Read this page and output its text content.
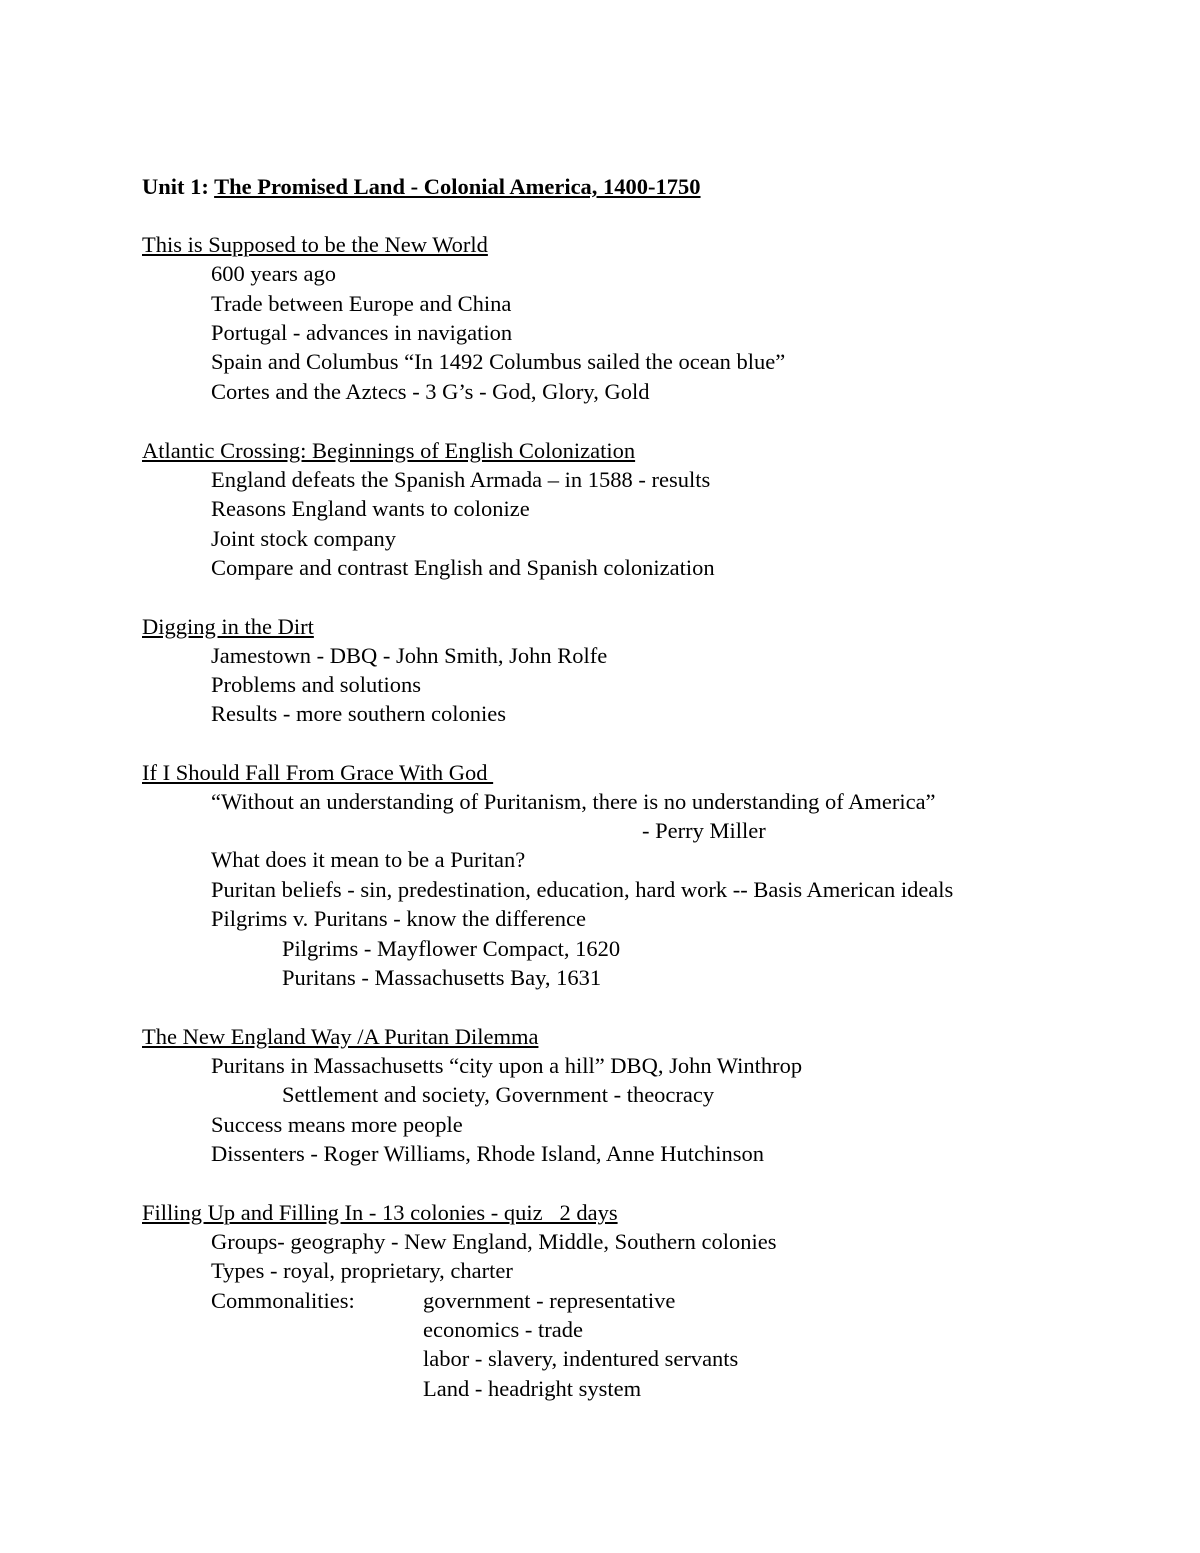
Unit 1: The Promised Land - Colonial America, 1400-1750
This is Supposed to be the New World
600 years ago
Trade between Europe and China
Portugal - advances in navigation
Spain and Columbus “In 1492 Columbus sailed the ocean blue”
Cortes and the Aztecs - 3 G’s - God, Glory, Gold
Atlantic Crossing: Beginnings of English Colonization
England defeats the Spanish Armada – in 1588 - results
Reasons England wants to colonize
Joint stock company
Compare and contrast English and Spanish colonization
Digging in the Dirt
Jamestown - DBQ - John Smith, John Rolfe
Problems and solutions
Results - more southern colonies
If I Should Fall From Grace With God
“Without an understanding of Puritanism, there is no understanding of America”
- Perry Miller
What does it mean to be a Puritan?
Puritan beliefs - sin, predestination, education, hard work -- Basis American ideals
Pilgrims v. Puritans - know the difference
Pilgrims - Mayflower Compact, 1620
Puritans - Massachusetts Bay, 1631
The New England Way /A Puritan Dilemma
Puritans in Massachusetts “city upon a hill” DBQ, John Winthrop
Settlement and society, Government - theocracy
Success means more people
Dissenters - Roger Williams, Rhode Island, Anne Hutchinson
Filling Up and Filling In - 13 colonies - quiz   2 days
Groups- geography - New England, Middle, Southern colonies
Types - royal, proprietary, charter
Commonalities:	government - representative
economics - trade
labor - slavery, indentured servants
Land - headright system
